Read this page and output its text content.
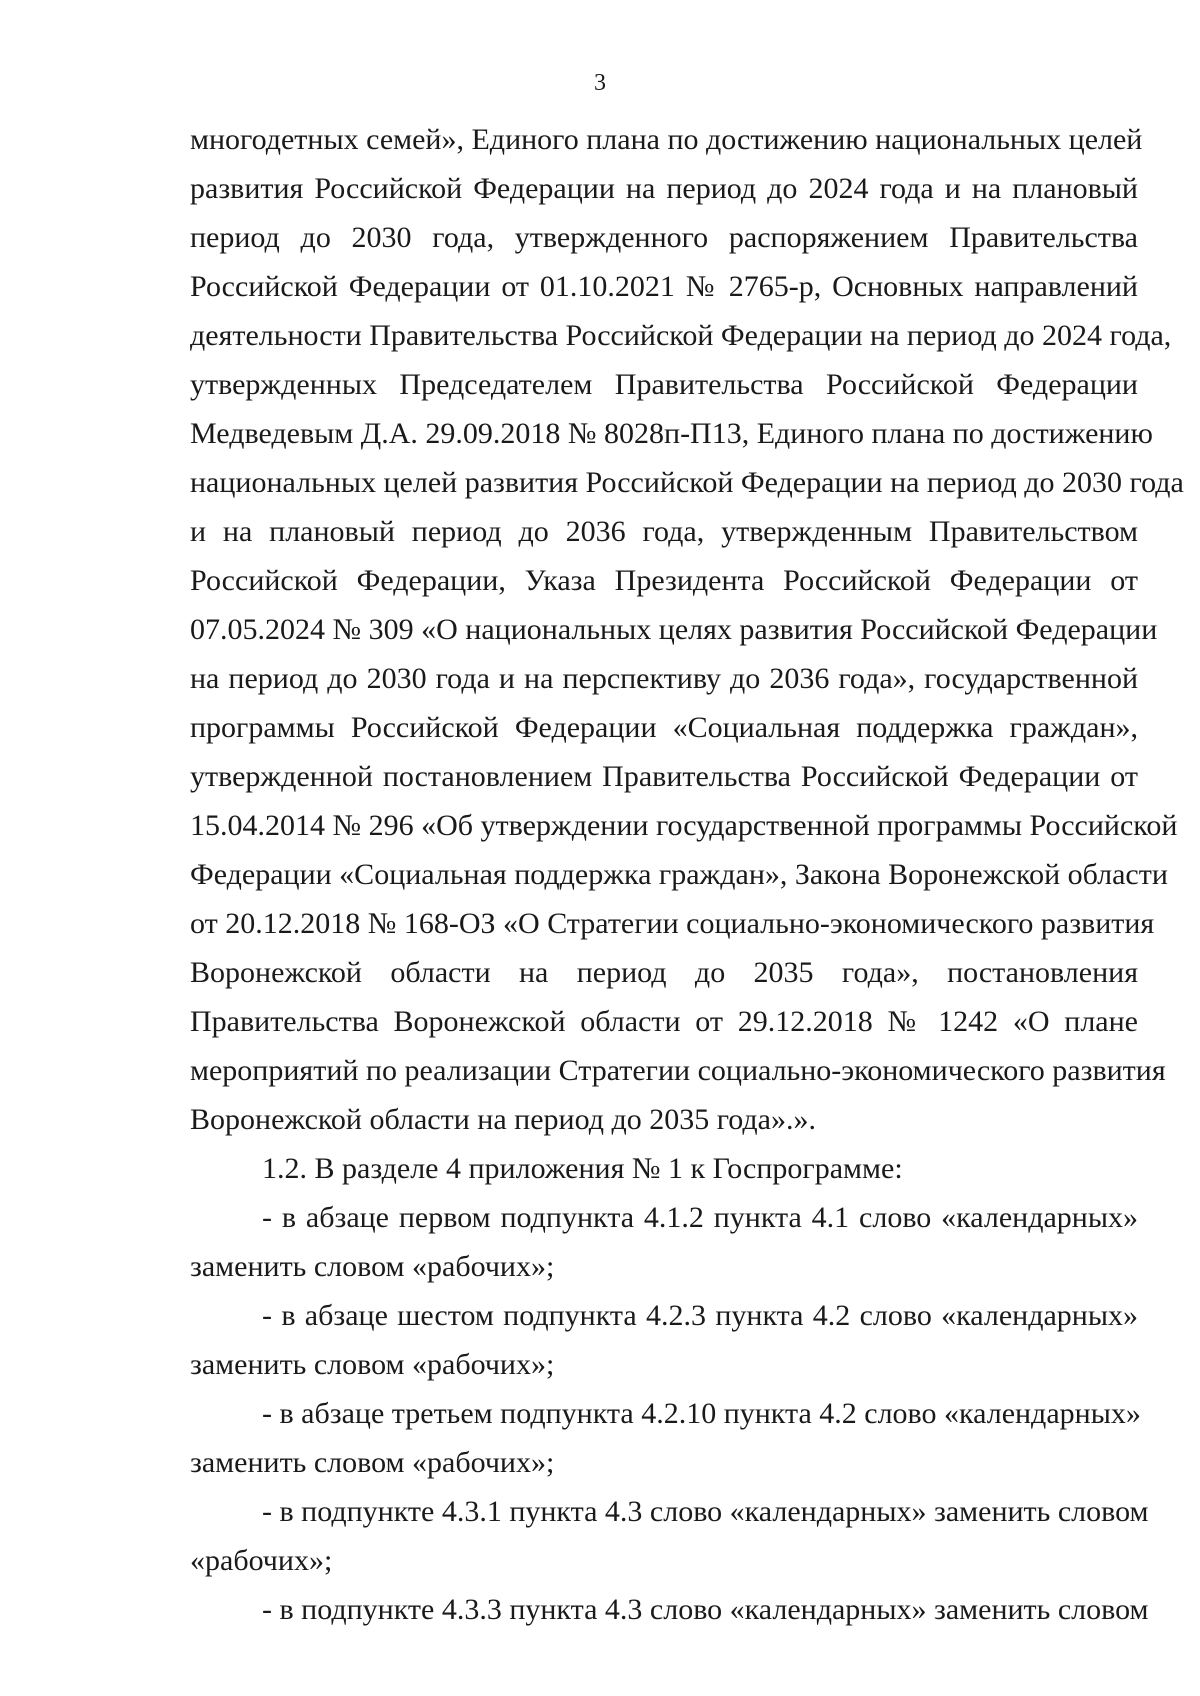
3
многодетных семей», Единого плана по достижению национальных целей
развития Российской Федерации на период до 2024 года и на плановый
период до 2030 года, утвержденного распоряжением Правительства
Российской Федерации от 01.10.2021 № 2765-р, Основных направлений
деятельности Правительства Российской Федерации на период до 2024 года,
утвержденных Председателем Правительства Российской Федерации
Медведевым Д.А. 29.09.2018 № 8028п-П13, Единого плана по достижению
национальных целей развития Российской Федерации на период до 2030 года
и на плановый период до 2036 года, утвержденным Правительством
Российской Федерации, Указа Президента Российской Федерации от
07.05.2024 № 309 «О национальных целях развития Российской Федерации
на период до 2030 года и на перспективу до 2036 года», государственной
программы Российской Федерации «Социальная поддержка граждан»,
утвержденной постановлением Правительства Российской Федерации от
15.04.2014 № 296 «Об утверждении государственной программы Российской
Федерации «Социальная поддержка граждан», Закона Воронежской области
от 20.12.2018 № 168-ОЗ «О Стратегии социально-экономического развития
Воронежской области на период до 2035 года», постановления
Правительства Воронежской области от 29.12.2018 № 1242 «О плане
мероприятий по реализации Стратегии социально-экономического развития
Воронежской области на период до 2035 года».».
1.2. В разделе 4 приложения № 1 к Госпрограмме:
- в абзаце первом подпункта 4.1.2 пункта 4.1 слово «календарных»
заменить словом «рабочих»;
- в абзаце шестом подпункта 4.2.3 пункта 4.2 слово «календарных»
заменить словом «рабочих»;
- в абзаце третьем подпункта 4.2.10 пункта 4.2 слово «календарных»
заменить словом «рабочих»;
- в подпункте 4.3.1 пункта 4.3 слово «календарных» заменить словом
«рабочих»;
- в подпункте 4.3.3 пункта 4.3 слово «календарных» заменить словом
